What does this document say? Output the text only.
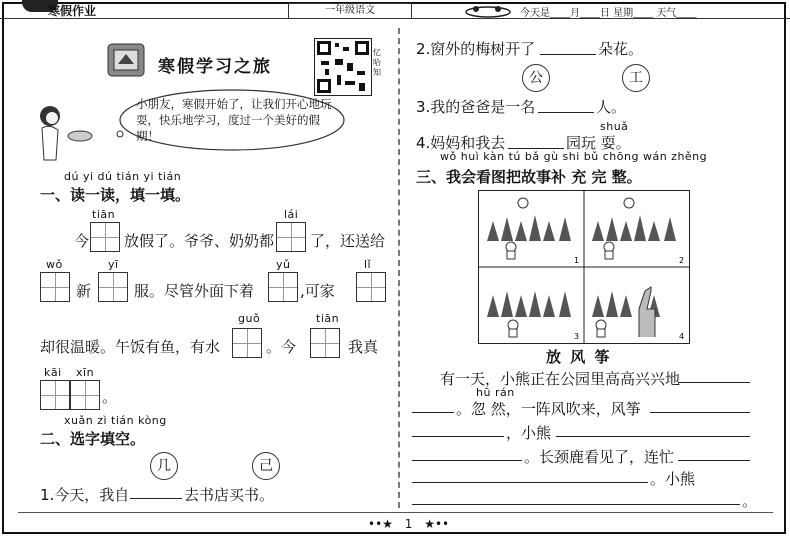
寒假作业	一年级语文	今天是____月____日 星期____ 天气____
寒假学习之旅
忆哈知
小朋友，寒假开始了，让我们开心地玩耍，快乐地学习，度过一个美好的假期！
dú yi dú tián yi tián
一、读一读，填一填。
tiān
今 放假了。爷爷、奶奶都
lái
了，还送给
wǒ
新
yī
服。尽管外面下着
yǔ
,可家
lǐ
却很温暖。午饭有鱼，有水
guǒ
。今
tiān
我真
kāi xīn
。
xuǎn zì tián kòng
二、选字填空。
几	己
1.今天，我自	去书店买书。
2.窗外的梅树开了	朵花。
公	工
3.我的爸爸是一名	人。
shuǎ
4.妈妈和我去	园玩 耍。
wǒ huì kàn tú bǎ gù shi bǔ chōng wán zhěng
三、我会看图把故事补 充 完 整。
1	2
3	4
放 风 筝
有一天，小熊正在公园里高高兴兴地
hū rán
。忽 然，一阵风吹来，风筝
，小熊
。长颈鹿看见了，连忙
。小熊
。
••★ 1 ★••
